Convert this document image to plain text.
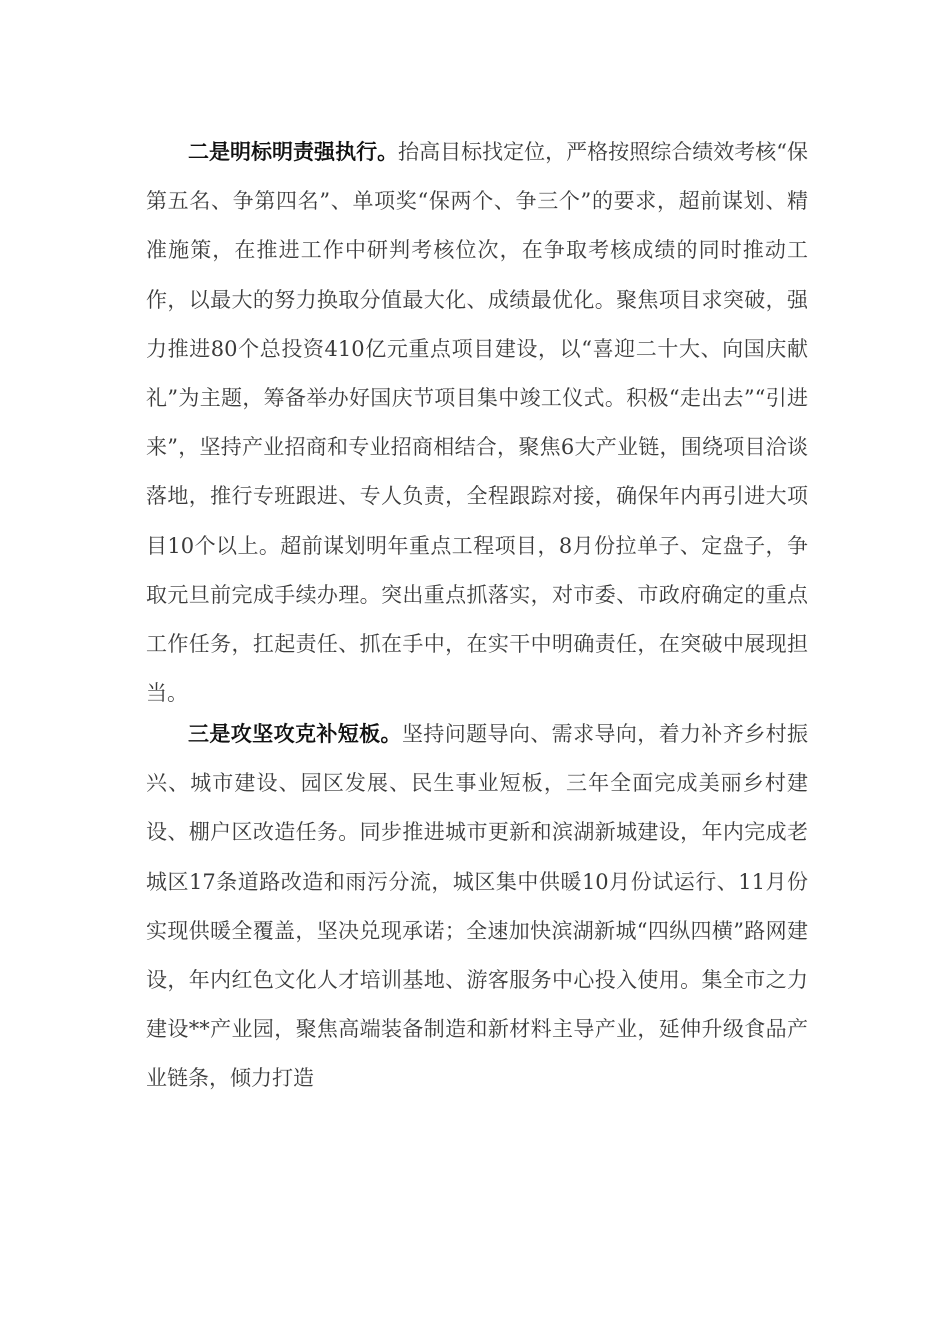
二是明标明责强执行。抬高目标找定位，严格按照综合绩效考核“保第五名、争第四名”、单项奖“保两个、争三个”的要求，超前谋划、精准施策，在推进工作中研判考核位次，在争取考核成绩的同时推动工作，以最大的努力换取分值最大化、成绩最优化。聚焦项目求突破，强力推进80个总投资410亿元重点项目建设，以“喜迎二十大、向国庆献礼”为主题，筹备举办好国庆节项目集中竣工仪式。积极“走出去”“引进来”，坚持产业招商和专业招商相结合，聚焦6大产业链，围绕项目洽谈落地，推行专班跟进、专人负责，全程跟踪对接，确保年内再引进大项目10个以上。超前谋划明年重点工程项目，8月份拉单子、定盘子，争取元旦前完成手续办理。突出重点抓落实，对市委、市政府确定的重点工作任务，扛起责任、抓在手中，在实干中明确责任，在突破中展现担当。

三是攻坚攻克补短板。坚持问题导向、需求导向，着力补齐乡村振兴、城市建设、园区发展、民生事业短板，三年全面完成美丽乡村建设、棚户区改造任务。同步推进城市更新和滨湖新城建设，年内完成老城区17条道路改造和雨污分流，城区集中供暖10月份试运行、11月份实现供暖全覆盖，坚决兑现承诺；全速加快滨湖新城“四纵四横”路网建设，年内红色文化人才培训基地、游客服务中心投入使用。集全市之力建设**产业园，聚焦高端装备制造和新材料主导产业，延伸升级食品产业链条，倾力打造
